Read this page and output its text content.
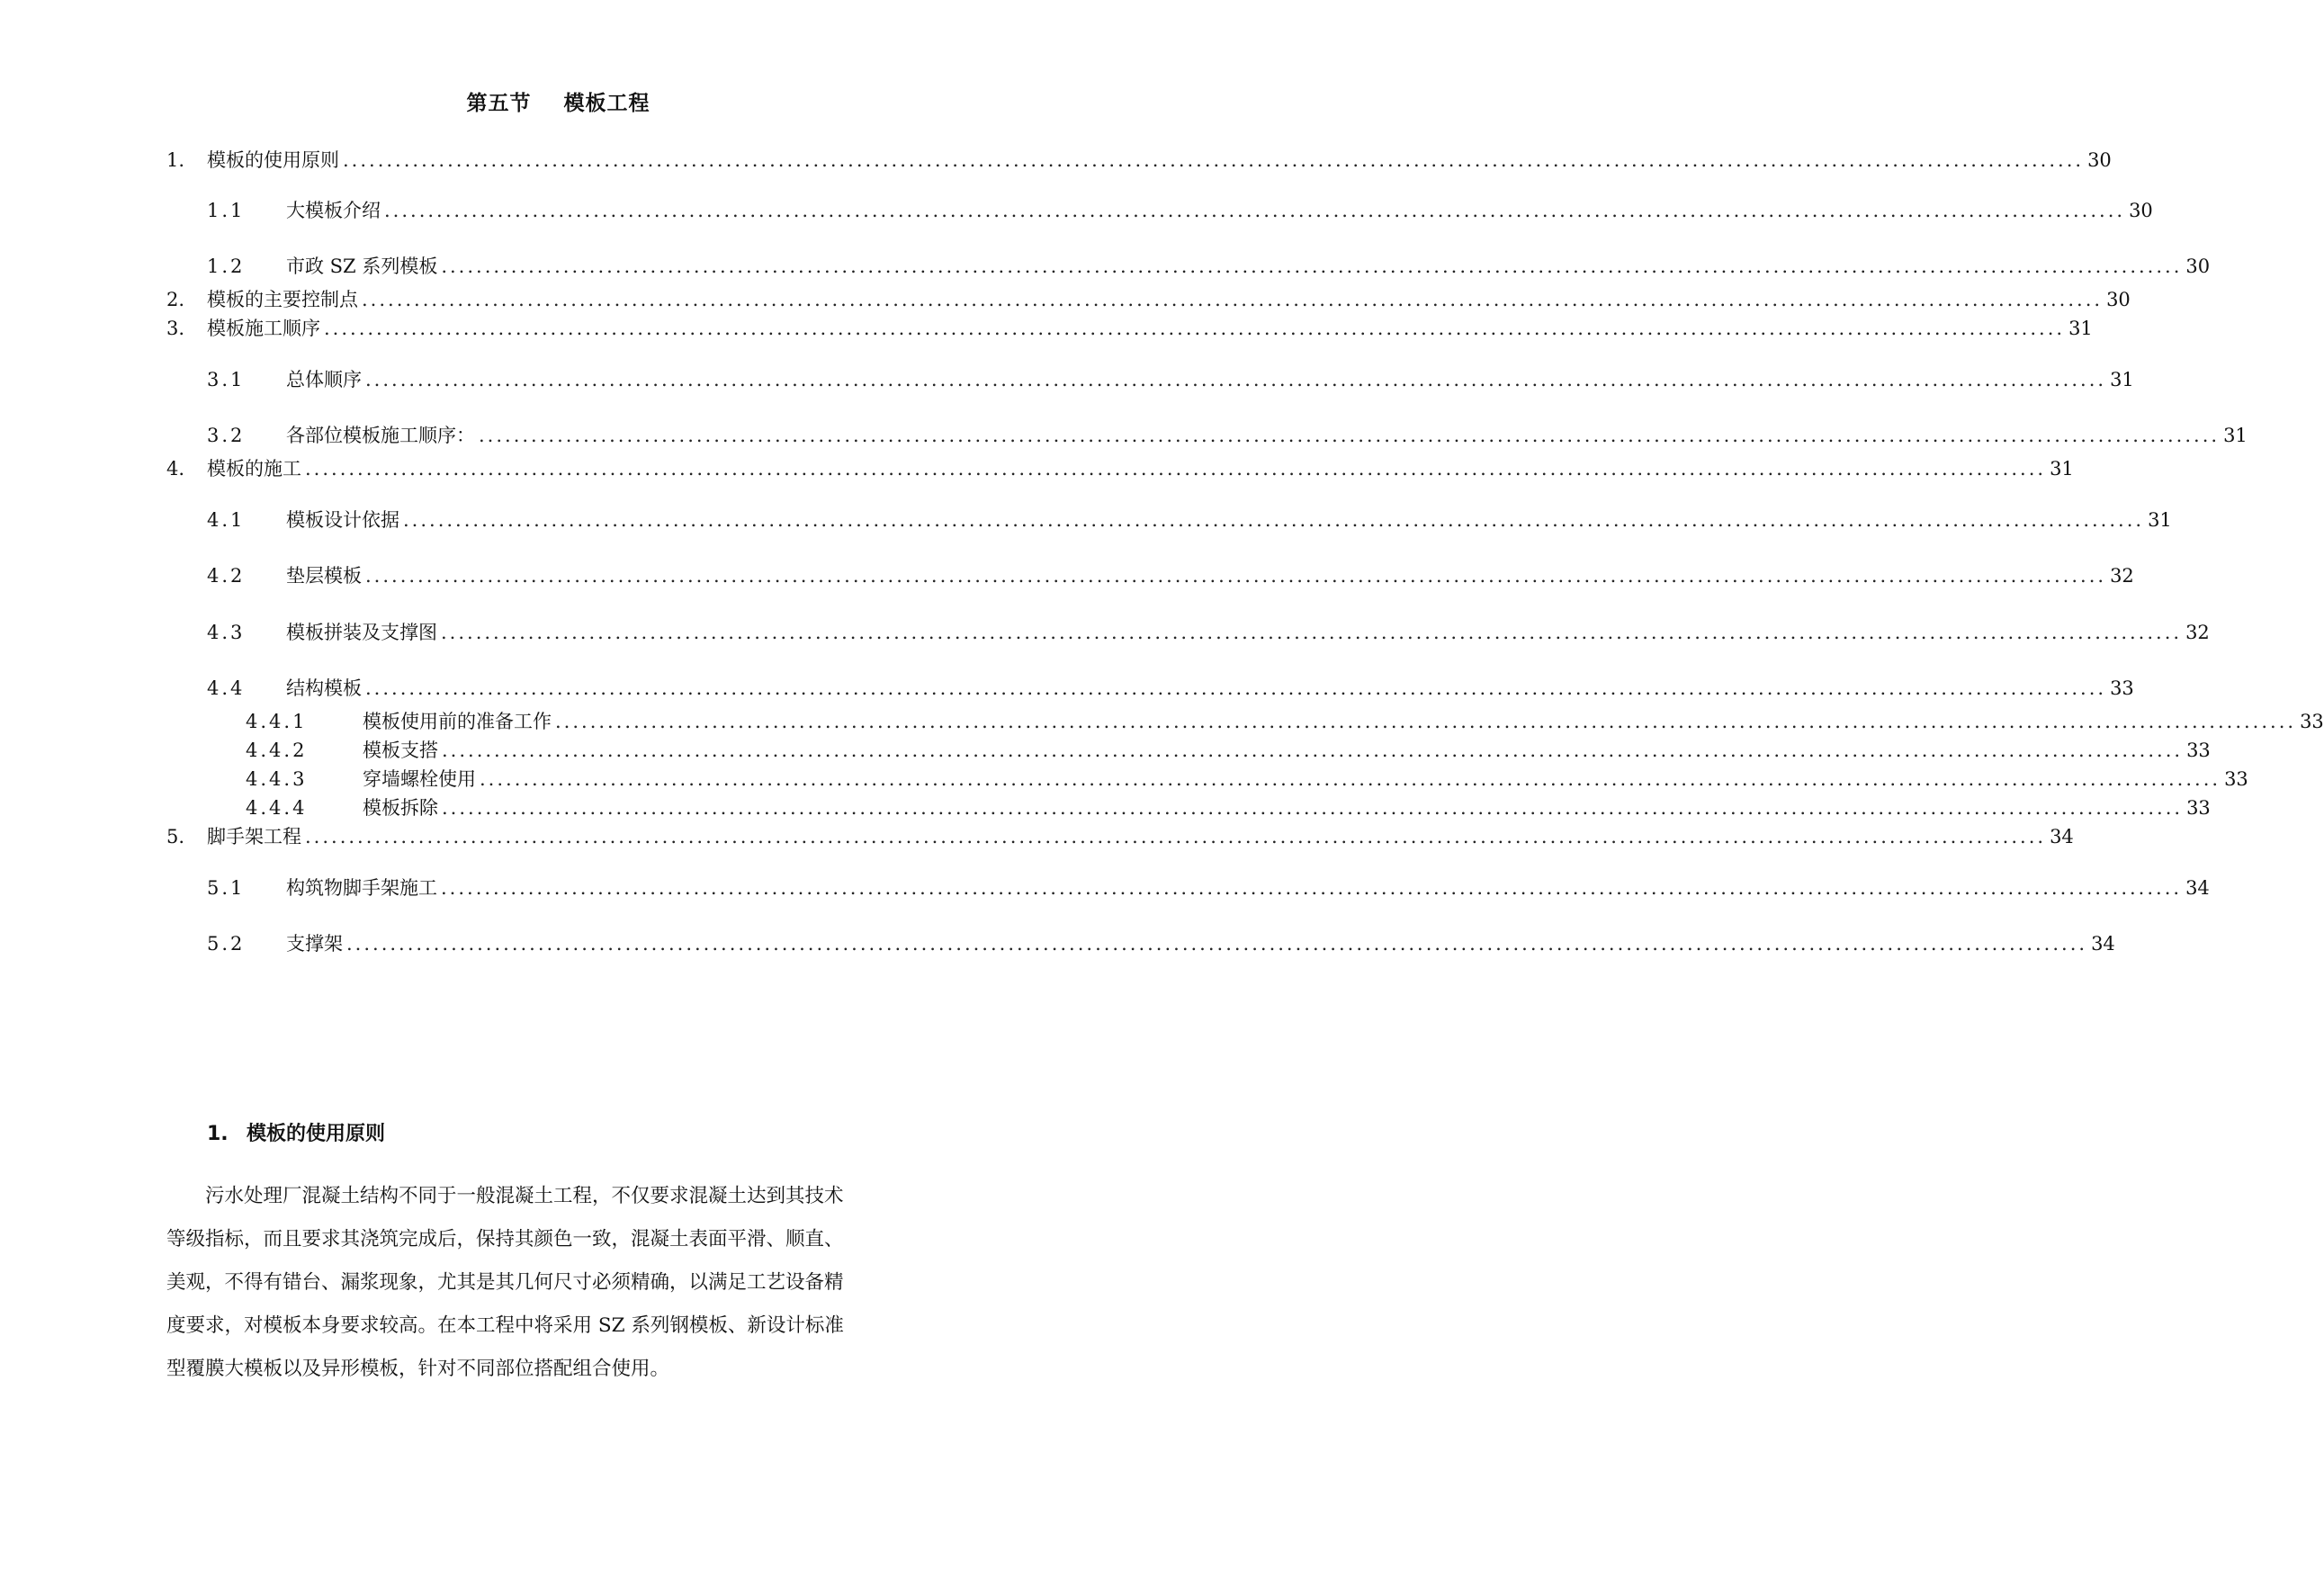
第五节    模板工程
1.	模板的使用原则 ........................................................................................................................................................................................................ 30
1.1	大模板介绍 ........................................................................................................................................................................................................ 30
1.2	市政 SZ 系列模板 ........................................................................................................................................................................................................ 30
2.	模板的主要控制点 ........................................................................................................................................................................................................ 30
3.	模板施工顺序 ........................................................................................................................................................................................................ 31
3.1	总体顺序 ........................................................................................................................................................................................................ 31
3.2	各部位模板施工顺序： ........................................................................................................................................................................................................ 31
4.	模板的施工 ........................................................................................................................................................................................................ 31
4.1	模板设计依据 ........................................................................................................................................................................................................ 31
4.2	垫层模板 ........................................................................................................................................................................................................ 32
4.3	模板拼装及支撑图 ........................................................................................................................................................................................................ 32
4.4	结构模板 ........................................................................................................................................................................................................ 33
4.4.1	模板使用前的准备工作 ........................................................................................................................................................................................................ 33
4.4.2	模板支搭 ........................................................................................................................................................................................................ 33
4.4.3	穿墙螺栓使用 ........................................................................................................................................................................................................ 33
4.4.4	模板拆除 ........................................................................................................................................................................................................ 33
5.	脚手架工程 ........................................................................................................................................................................................................ 34
5.1	构筑物脚手架施工 ........................................................................................................................................................................................................ 34
5.2	支撑架 ........................................................................................................................................................................................................ 34
1. 模板的使用原则
　　污水处理厂混凝土结构不同于一般混凝土工程，不仅要求混凝土达到其技术
等级指标，而且要求其浇筑完成后，保持其颜色一致，混凝土表面平滑、顺直、
美观，不得有错台、漏浆现象，尤其是其几何尺寸必须精确，以满足工艺设备精
度要求，对模板本身要求较高。在本工程中将采用 SZ 系列钢模板、新设计标准
型覆膜大模板以及异形模板，针对不同部位搭配组合使用。
